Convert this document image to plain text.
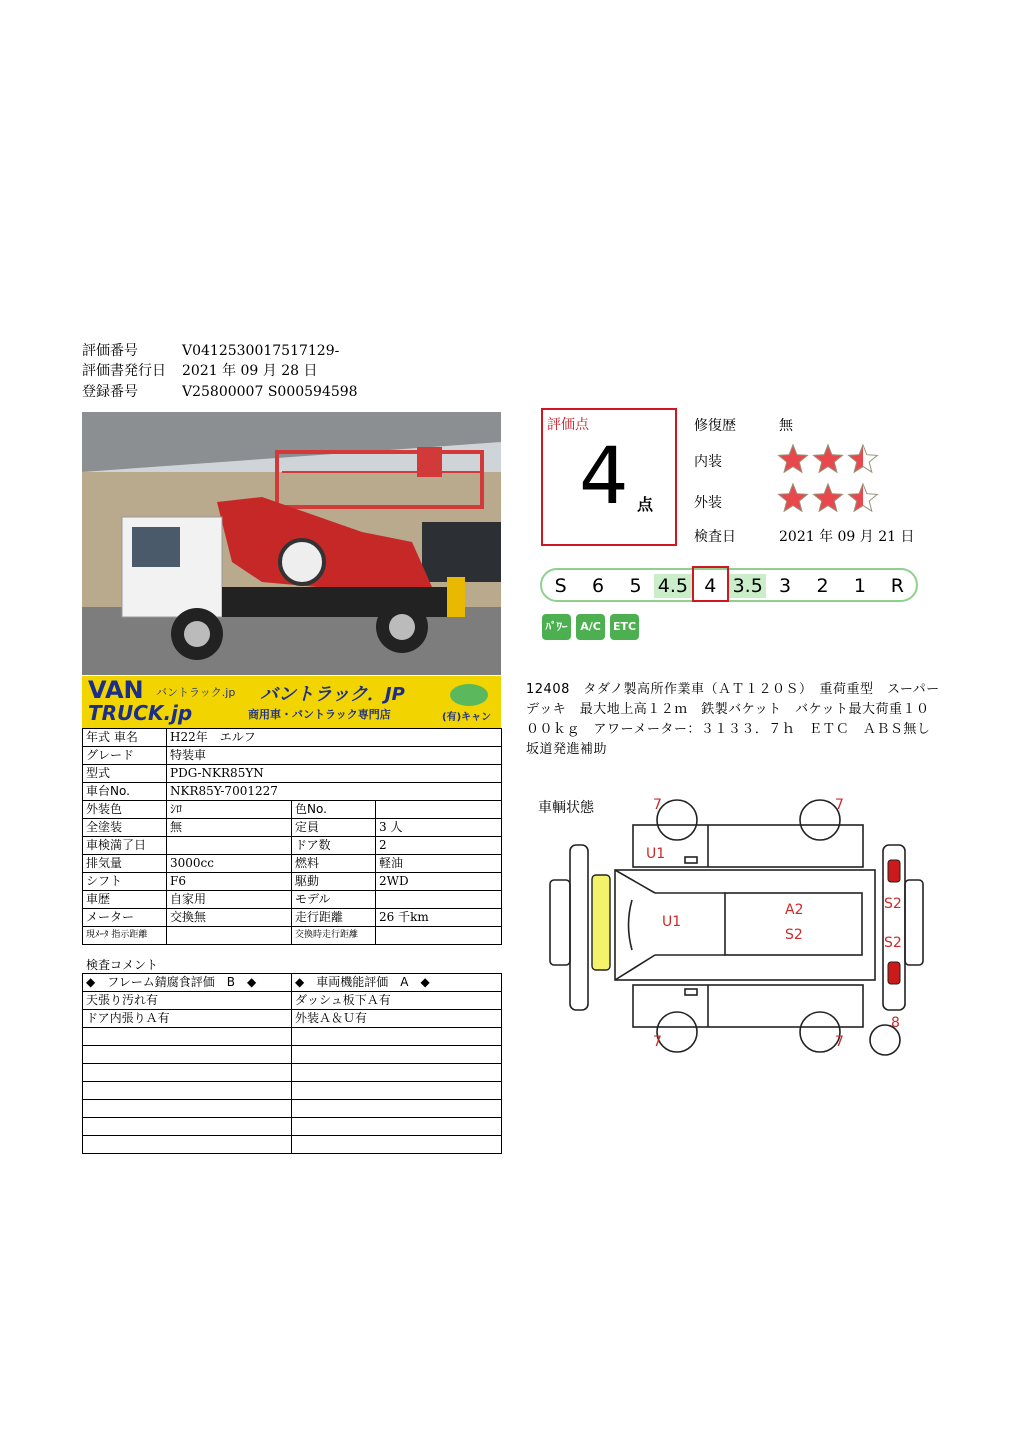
評価番号	V0412530017517129-
評価書発行日 2021 年 09 月 28 日
登録番号	V25800007 S000594598
VAN バントラック.jp
TRUCK.jp
バントラック．JP
商用車・バントラック専門店	(有)キャン
年式 車名	H22年　エルフ		
グレード	特装車		
型式	PDG-NKR85YN		
車台No.	NKR85Y-7001227		
外装色	ｼﾛ	色No.	
全塗装	無	定員	3 人
車検満了日		ドア数	2
排気量	3000cc	燃料	軽油
シフト	F6	駆動	2WD
車歴	自家用	モデル	
メーター	交換無	走行距離	26 千km
現ﾒｰﾀ 指示距離		交換時走行距離	
検査コメント
◆　フレーム錆腐食評価　B　◆	◆　車両機能評価　A　◆
天張り汚れ有	ダッシュ板下Ａ有
ドア内張りＡ有	外装Ａ＆Ｕ有

評価点
4 点
修復歴	無
内装
外装
検査日	2021 年 09 月 21 日
S	6	5 4.5 4 3.5 3	2	1	R
ﾊﾟﾜｰ	A/C	ETC
12408　タダノ製高所作業車（ＡＴ１２０Ｓ）　重荷重型　スーパーデッキ　最大地上高１２ｍ　鉄製バケット　バケット最大荷重１０００ｋｇ　アワーメーター：３１３３．７ｈ　ＥＴＣ　ＡＢＳ無し　坂道発進補助
車輌状態	7	7
7	7
U1
U1
A2
S2
S2
S2
8
